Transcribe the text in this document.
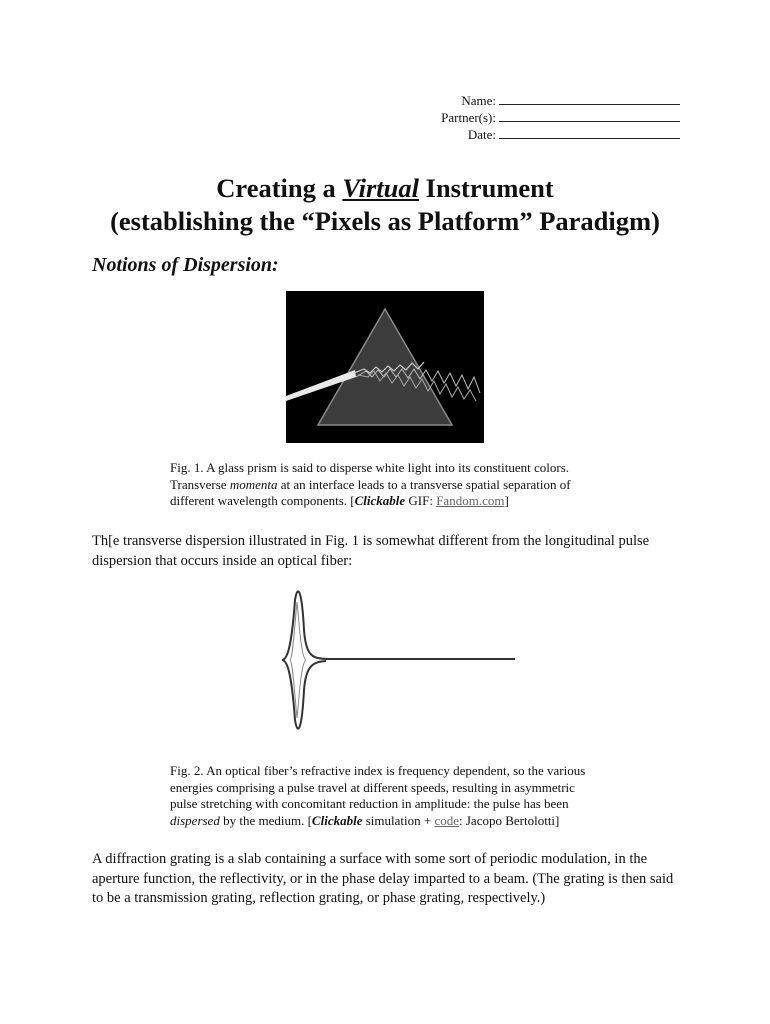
Name:
Partner(s):
Date:
Creating a Virtual Instrument
(establishing the “Pixels as Platform” Paradigm)
Notions of Dispersion:
Fig. 1. A glass prism is said to disperse white light into its constituent colors.
Transverse momenta at an interface leads to a transverse spatial separation of
different wavelength components. [Clickable GIF: Fandom.com]
Th[e transverse dispersion illustrated in Fig. 1 is somewhat different from the longitudinal pulse dispersion that occurs inside an optical fiber:
Fig. 2. An optical fiber’s refractive index is frequency dependent, so the various
energies comprising a pulse travel at different speeds, resulting in asymmetric
pulse stretching with concomitant reduction in amplitude: the pulse has been
dispersed by the medium. [Clickable simulation + code: Jacopo Bertolotti]
A diffraction grating is a slab containing a surface with some sort of periodic modulation, in the aperture function, the reflectivity, or in the phase delay imparted to a beam. (The grating is then said to be a transmission grating, reflection grating, or phase grating, respectively.)
